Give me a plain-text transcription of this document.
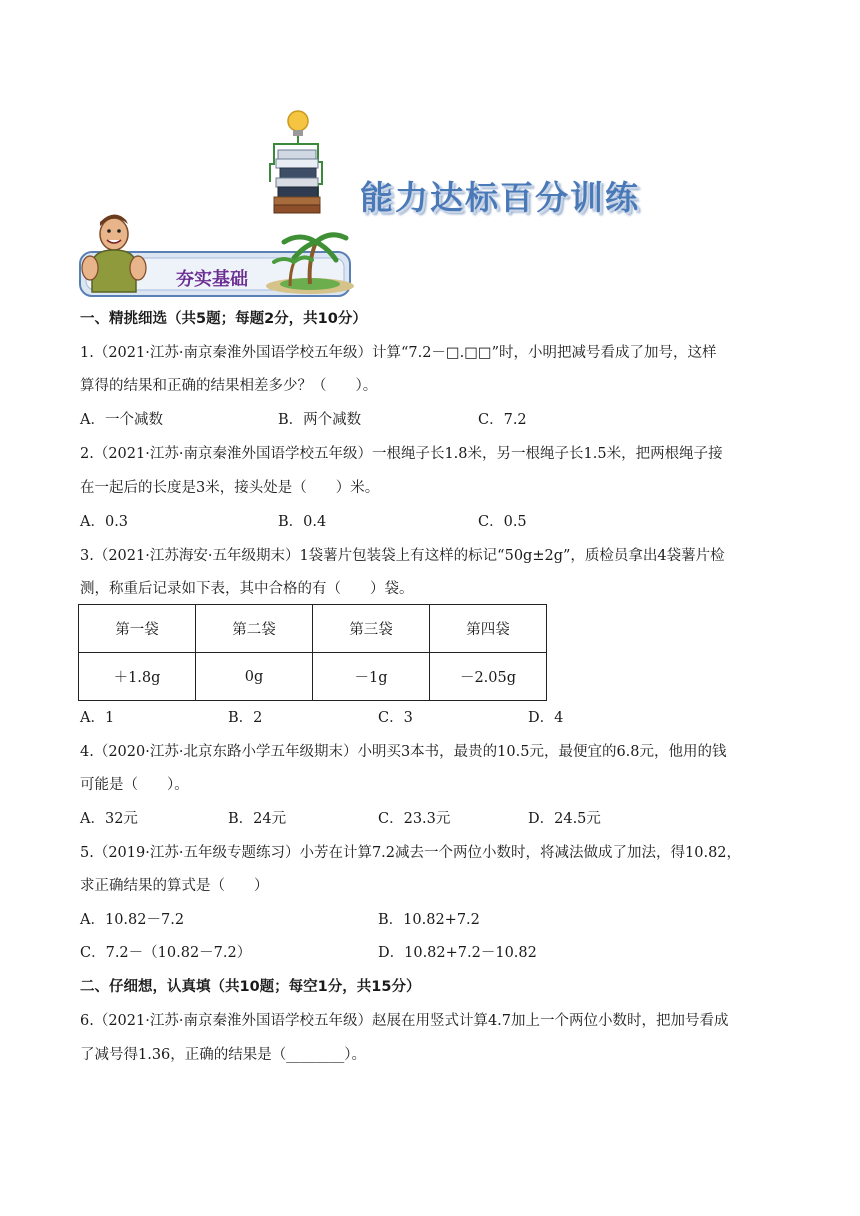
能力达标百分训练
夯实基础
一、精挑细选（共5题；每题2分，共10分）
1.（2021·江苏·南京秦淮外国语学校五年级）计算“7.2－□.□□”时，小明把减号看成了加号，这样
算得的结果和正确的结果相差多少？（　　）。
A．一个减数	B．两个减数	C．7.2
2.（2021·江苏·南京秦淮外国语学校五年级）一根绳子长1.8米，另一根绳子长1.5米，把两根绳子接
在一起后的长度是3米，接头处是（　　）米。
A．0.3	B．0.4	C．0.5
3.（2021·江苏海安·五年级期末）1袋薯片包装袋上有这样的标记“50g±2g”，质检员拿出4袋薯片检
测，称重后记录如下表，其中合格的有（　　）袋。
第一袋	第二袋	第三袋	第四袋
＋1.8g	0g	－1g	－2.05g
A．1	B．2	C．3	D．4
4.（2020·江苏·北京东路小学五年级期末）小明买3本书，最贵的10.5元，最便宜的6.8元，他用的钱
可能是（　　）。
A．32元	B．24元	C．23.3元	D．24.5元
5.（2019·江苏·五年级专题练习）小芳在计算7.2减去一个两位小数时，将减法做成了加法，得10.82，
求正确结果的算式是（　　）
A．10.82－7.2	B．10.82+7.2
C．7.2－（10.82－7.2）	D．10.82+7.2－10.82
二、仔细想，认真填（共10题；每空1分，共15分）
6.（2021·江苏·南京秦淮外国语学校五年级）赵展在用竖式计算4.7加上一个两位小数时，把加号看成
了减号得1.36，正确的结果是（________）。
